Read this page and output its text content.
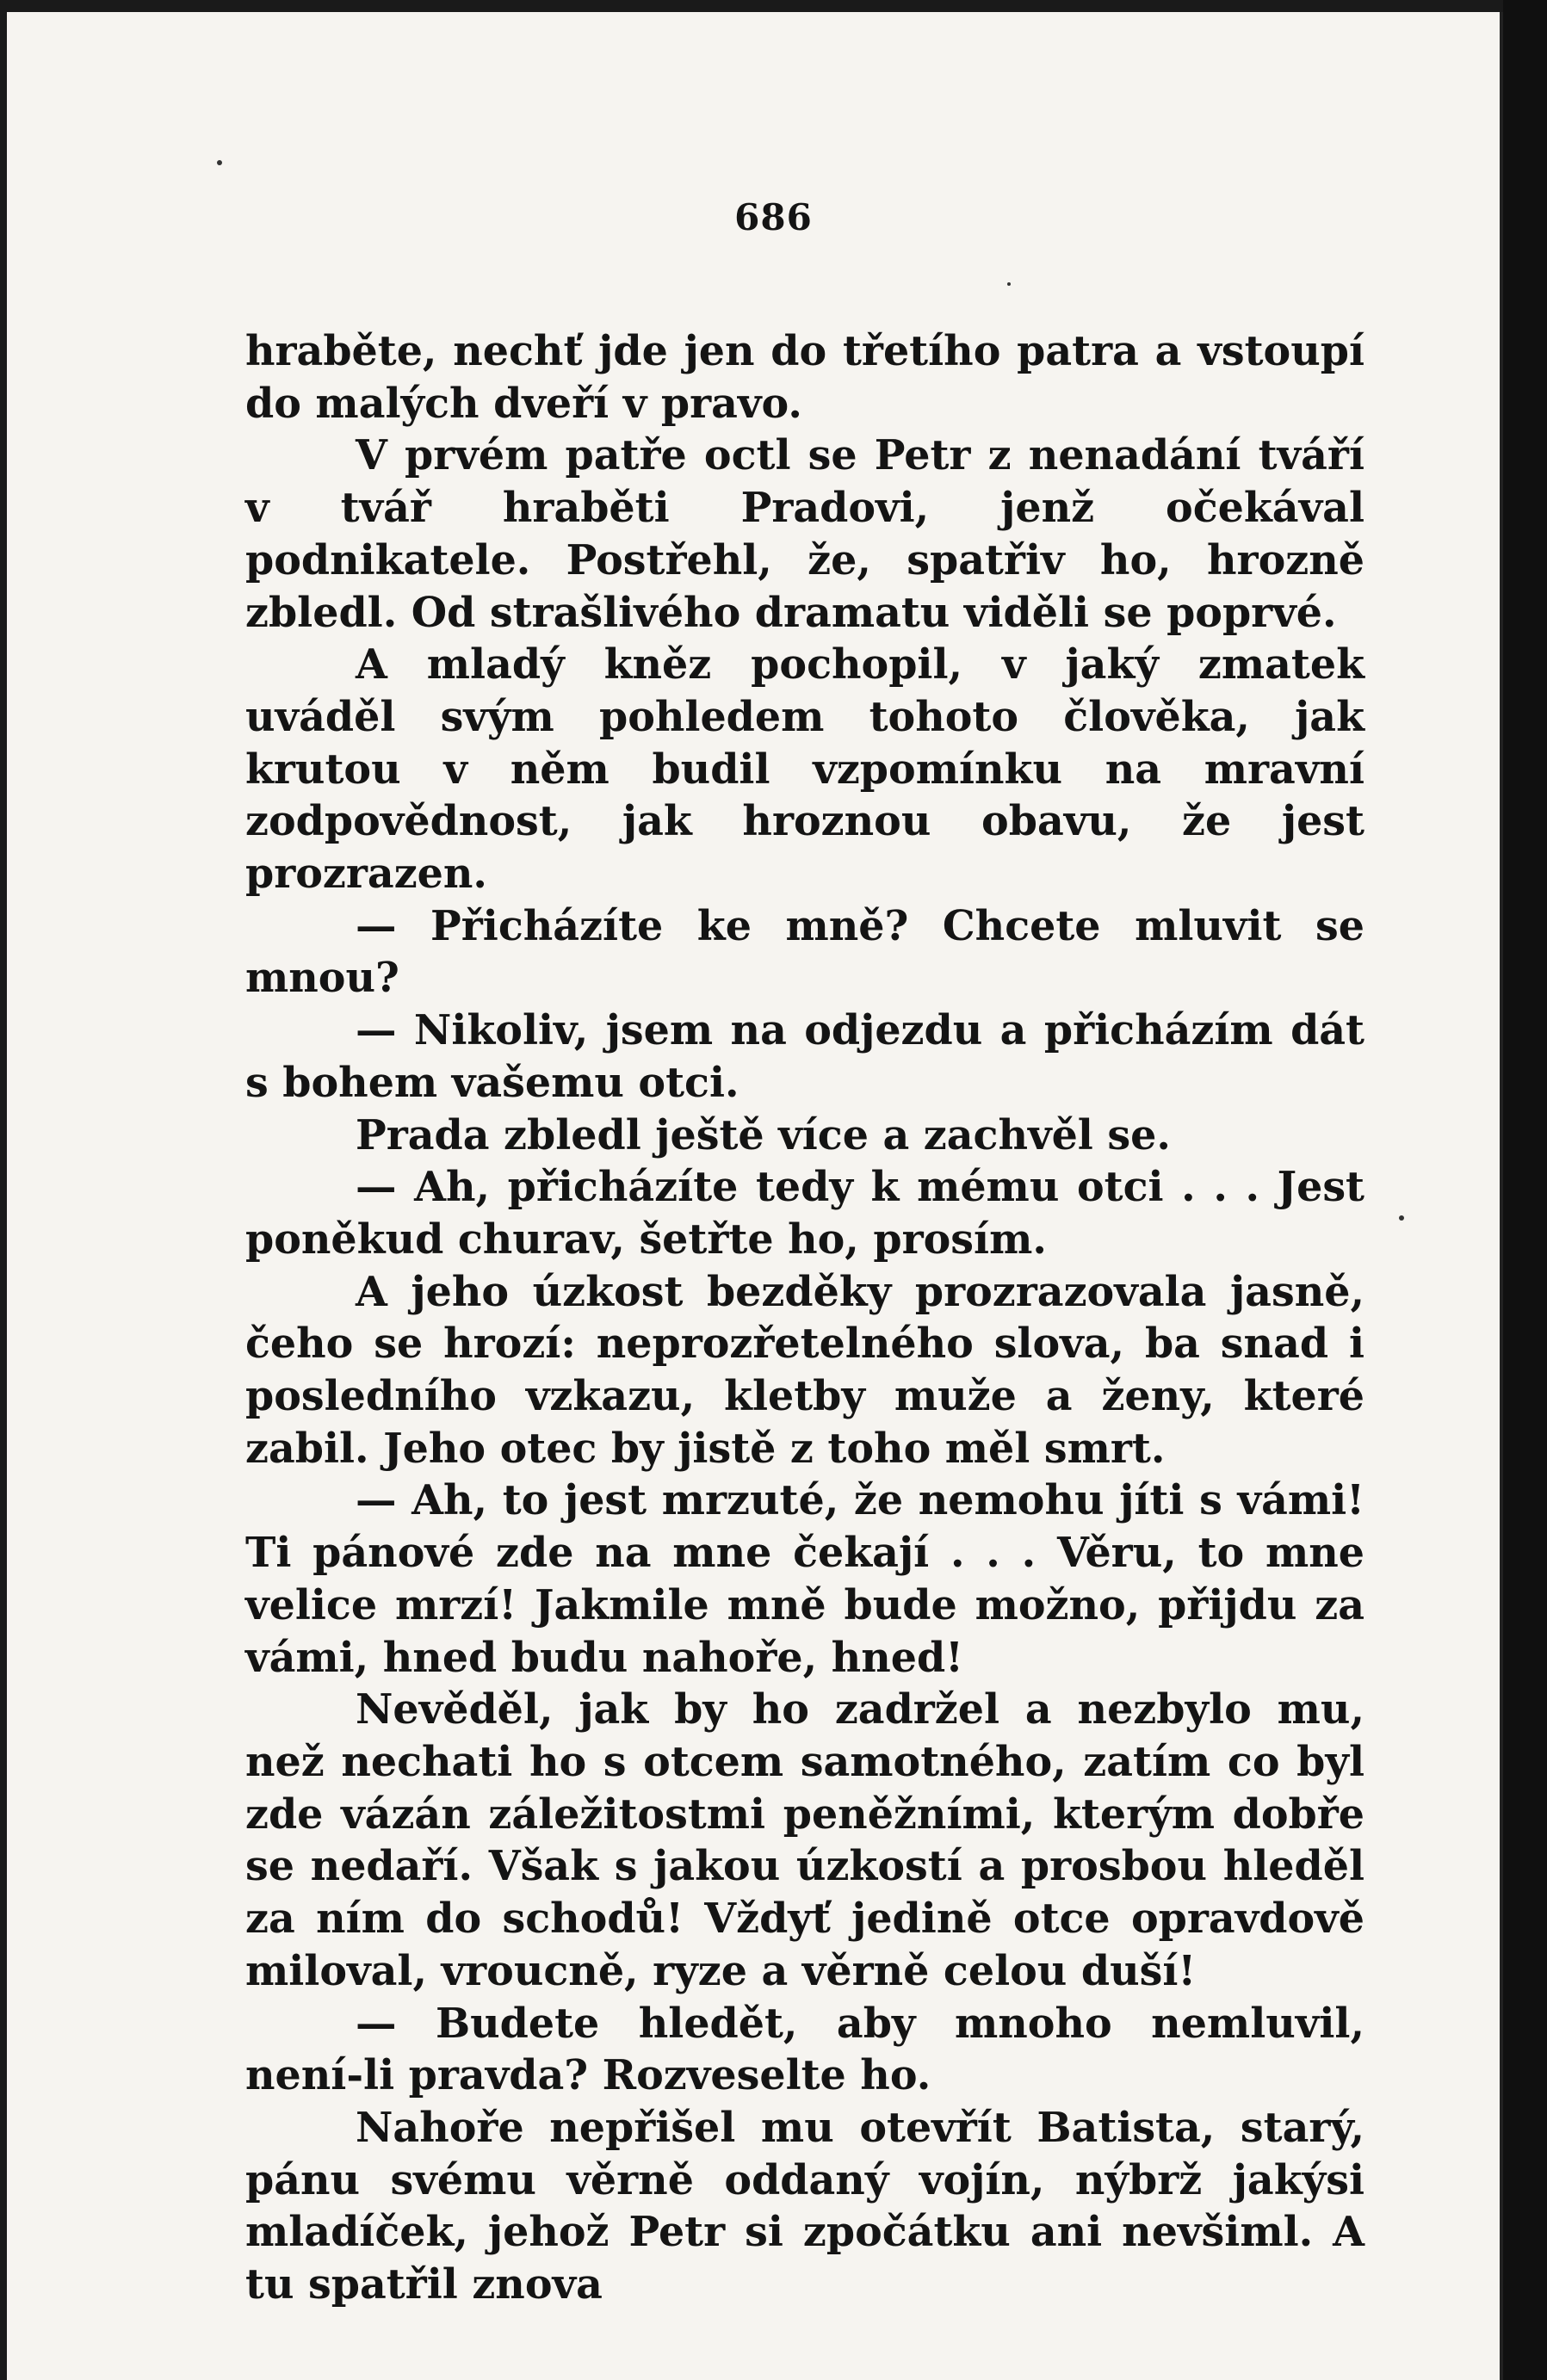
686

hraběte, nechť jde jen do třetího patra a vstoupí do malých dveří v pravo.

V prvém patře octl se Petr z nenadání tváří v tvář hraběti Pradovi, jenž očekával podnikatele. Postřehl, že, spatřiv ho, hrozně zbledl. Od strašlivého dramatu viděli se poprvé.

A mladý kněz pochopil, v jaký zmatek uváděl svým pohledem tohoto člověka, jak krutou v něm budil vzpomínku na mravní zodpovědnost, jak hroznou obavu, že jest prozrazen.

— Přicházíte ke mně? Chcete mluvit se mnou?

— Nikoliv, jsem na odjezdu a přicházím dát s bohem vašemu otci.

Prada zbledl ještě více a zachvěl se.

— Ah, přicházíte tedy k mému otci . . . Jest poněkud churav, šetřte ho, prosím.

A jeho úzkost bezděky prozrazovala jasně, čeho se hrozí: neprozřetelného slova, ba snad i posledního vzkazu, kletby muže a ženy, které zabil. Jeho otec by jistě z toho měl smrt.

— Ah, to jest mrzuté, že nemohu jíti s vámi! Ti pánové zde na mne čekají . . . Věru, to mne velice mrzí! Jakmile mně bude možno, přijdu za vámi, hned budu nahoře, hned!

Nevěděl, jak by ho zadržel a nezbylo mu, než nechati ho s otcem samotného, zatím co byl zde vázán záležitostmi peněžními, kterým dobře se nedaří. Však s jakou úzkostí a prosbou hleděl za ním do schodů! Vždyť jedině otce opravdově miloval, vroucně, ryze a věrně celou duší!

— Budete hledět, aby mnoho nemluvil, není-li pravda? Rozveselte ho.

Nahoře nepřišel mu otevřít Batista, starý, pánu svému věrně oddaný vojín, nýbrž jakýsi mladíček, jehož Petr si zpočátku ani nevšiml. A tu spatřil znova
